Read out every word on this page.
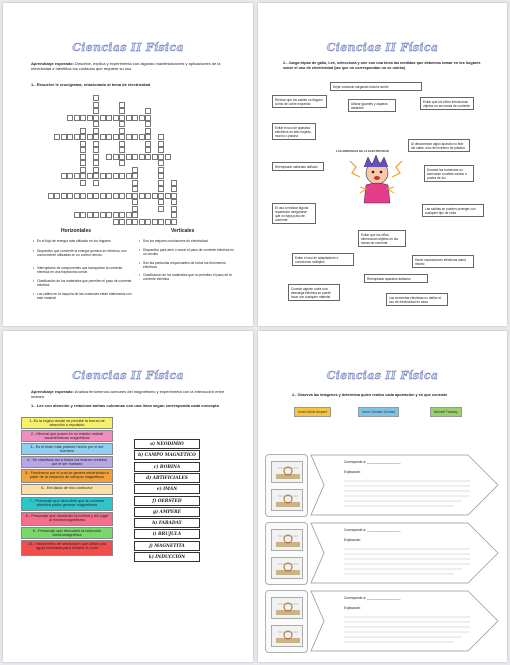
Ciencias II Física
Aprendizaje esperado: Describe, explica y experimenta con algunas manifestaciones y aplicaciones de la electricidad e identifica los cuidados que requiere su uso.
1.- Resuelve le crucigrama, relacionado al tema de electricidad
Horizontales	Verticales
• Es el flujo de energía más utilizado en los hogares
• Dispositivo que convierte la energía química en eléctrica, son comúnmente utilizadas en un control remoto.
• Interruptores de componentes que transportan la corriente eléctrica en una trayectoria común
• Clasificación de los materiales que permiten el paso de corriente eléctrica
• Los cables en la mayoría de las ocasiones están elaborados con este material
• Son los mejores conductores de electricidad
• Dispositivo para abrir o cerrar el paso de corriente eléctrica en un circuito
• Son las partículas responsables de todos los fenómenos eléctricos
• Clasificación de los materiales que no permiten el paso de la corriente eléctrica
Ciencias II Física
2.- Juega tripas de gallo, Lee, selecciona y une con una línea las medidas que debemos tomar en los hogares sobre el uso de electricidad (las que no correspondan no se unirán)
Dejar volcando cargando toda la noche
Revisar que los cables no lleguen al hilo de cobre expuesto	Utilizar guantes y zapatos aislantes
Evitar que los niños introduzcan objetos en las tomas de corriente
Evitar el uso de aparatos eléctricos en sitio mojado, mucho o piscina
Al desconectar algún aparato no tirar del cable, sino del extremo de plástico
Reemplazar cableado dañado
Durante las tormentas no acercarse a cables caídos o postes de luz
LAS ANDRADAS DE LA ELECTRICIDAD
El uso a realizar alguna reparación asegurarse que no haya paso de corriente
Las salidas se pueden proteger con cualquier tipo de cinta
Evitar que los niños introduzcan objetos en las tomas de corriente
Evitar el uso de adaptadores o conexiones múltiples	Hacer reparaciones eléctricas usted mismo
Reemplazar aparatos dañados
Cuando alguien sufra una descarga eléctrica se puede tocar con cualquier material	Las tormentas eléctricas no dañan el uso de electricidad en casa
Ciencias II Física
Aprendizaje esperado: Analiza fenómenos comunes del magnetismo y experimenta con la interacción entre imanes.
1.- Lee con atención y relaciona ambas columnas con una línea según corresponda cada concepto
1.-Es la región donde se percibe la fuerza de atracción o repulsión
2.- Mineral que posee en su estado natural características magnéticas
3.- Es el imán más potente hecho por el ser humano
4.- Se clasifican así a todos los imanes creados por el ser humano
5.- Fenómeno por el cual se genera electricidad a partir de la variación de campos magnéticos
6.- Enrollado de hilo conductor
7.- Personaje que descubrió que la corriente eléctrica podía generar magnetismo
8.- Personaje que desarrollo la bobina y dio lugar al electromagnetismo
9.- Personaje que descubrió la inducción electromagnética
10.- Instrumento de orientación que utiliza una aguja imantada para señalar el norte
a) NEODIMIO
b) CAMPO MAGNÉTICO
c) BOBINA
d) ARTIFICIALES
e) IMÁN
f) OERSTED
g) AMPERE
h) FARADAY
i) BRUJULA
j) MAGNETITA
k) INDUCCIÓN
Ciencias II Física
2.- Observa las imágenes y determina quien realizo cada aportación y en que consiste
André Marie Ampere	Hans Christian Oersted	Michael Faraday
Corresponde a: ___________________
Explicación:
Corresponde a: ___________________
Explicación:
Corresponde a: ___________________
Explicación:
